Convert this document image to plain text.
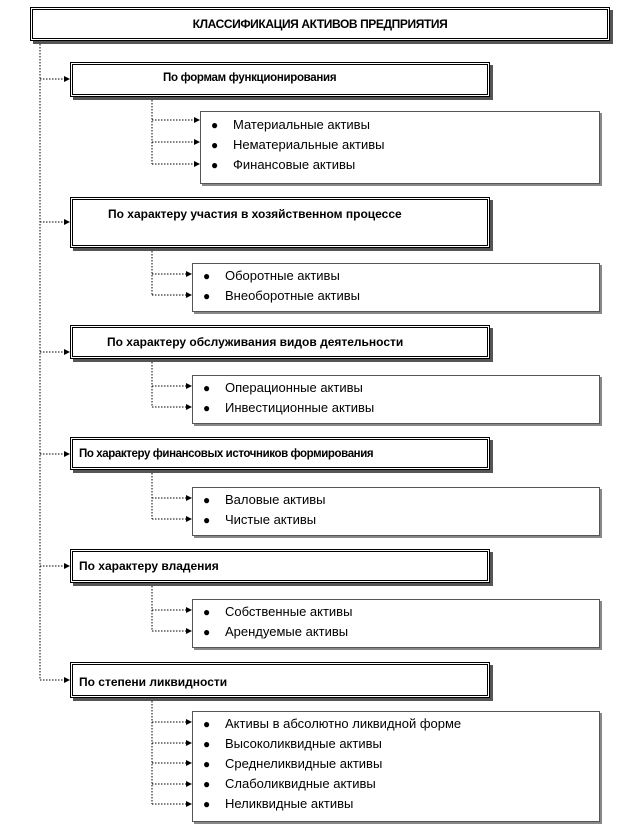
КЛАССИФИКАЦИЯ АКТИВОВ ПРЕДПРИЯТИЯ
По формам функционирования
● Материальные активы
● Нематериальные активы
● Финансовые активы
По характеру участия в хозяйственном процессе
● Оборотные активы
● Внеоборотные активы
По характеру обслуживания видов деятельности
● Операционные активы
● Инвестиционные активы
По характеру финансовых источников формирования
● Валовые активы
● Чистые активы
По характеру владения
● Собственные активы
● Арендуемые активы
По степени ликвидности
● Активы в абсолютно ликвидной форме
● Высоколиквидные активы
● Среднеликвидные активы
● Слаболиквидные активы
● Неликвидные активы
